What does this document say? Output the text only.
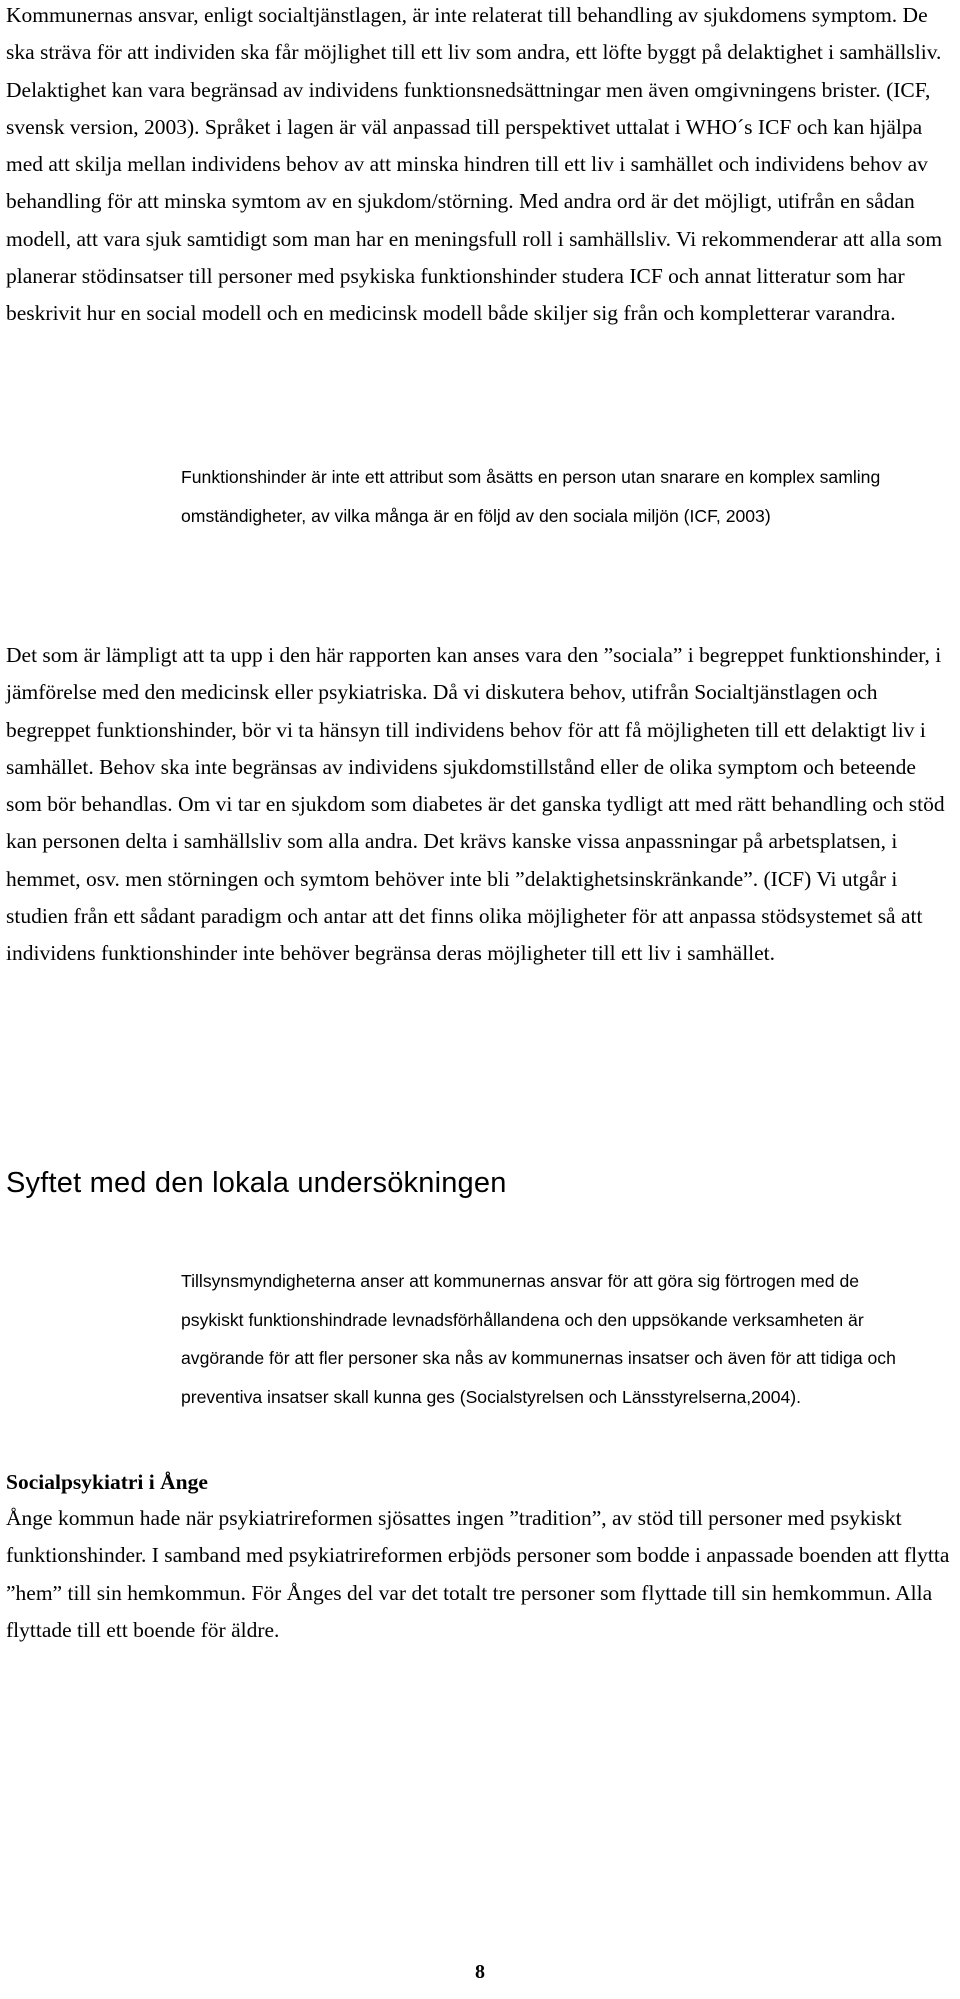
Kommunernas ansvar, enligt socialtjänstlagen, är inte relaterat till behandling av sjukdomens symptom. De ska sträva för att individen ska får möjlighet till ett liv som andra, ett löfte byggt på delaktighet i samhällsliv. Delaktighet kan vara begränsad av individens funktionsnedsättningar men även omgivningens brister. (ICF, svensk version, 2003). Språket i lagen är väl anpassad till perspektivet uttalat i WHO´s ICF och kan hjälpa med att skilja mellan individens behov av att minska hindren till ett liv i samhället och individens behov av behandling för att minska symtom av en sjukdom/störning. Med andra ord är det möjligt, utifrån en sådan modell, att vara sjuk samtidigt som man har en meningsfull roll i samhällsliv. Vi rekommenderar att alla som planerar stödinsatser till personer med psykiska funktionshinder studera ICF och annat litteratur som har beskrivit hur en social modell och en medicinsk modell både skiljer sig från och kompletterar varandra.

Funktionshinder är inte ett attribut som åsätts en person utan snarare en komplex samling omständigheter, av vilka många är en följd av den sociala miljön (ICF, 2003)

Det som är lämpligt att ta upp i den här rapporten kan anses vara den ”sociala” i begreppet funktionshinder, i jämförelse med den medicinsk eller psykiatriska. Då vi diskutera behov, utifrån Socialtjänstlagen och begreppet funktionshinder, bör vi ta hänsyn till individens behov för att få möjligheten till ett delaktigt liv i samhället. Behov ska inte begränsas av individens sjukdomstillstånd eller de olika symptom och beteende som bör behandlas. Om vi tar en sjukdom som diabetes är det ganska tydligt att med rätt behandling och stöd kan personen delta i samhällsliv som alla andra. Det krävs kanske vissa anpassningar på arbetsplatsen, i hemmet, osv. men störningen och symtom behöver inte bli ”delaktighetsinskränkande”. (ICF) Vi utgår i studien från ett sådant paradigm och antar att det finns olika möjligheter för att anpassa stödsystemet så att individens funktionshinder inte behöver begränsa deras möjligheter till ett liv i samhället.

Syftet med den lokala undersökningen

Tillsynsmyndigheterna anser att kommunernas ansvar för att göra sig förtrogen med de psykiskt funktionshindrade levnadsförhållandena och den uppsökande verksamheten är avgörande för att fler personer ska nås av kommunernas insatser och även för att tidiga och preventiva insatser skall kunna ges (Socialstyrelsen och Länsstyrelserna,2004).

Socialpsykiatri i Ånge

Ånge kommun hade när psykiatrireformen sjösattes ingen ”tradition”, av stöd till personer med psykiskt funktionshinder. I samband med psykiatrireformen erbjöds personer som bodde i anpassade boenden att flytta ”hem” till sin hemkommun. För Ånges del var det totalt tre personer som flyttade till sin hemkommun. Alla flyttade till ett boende för äldre.

8
